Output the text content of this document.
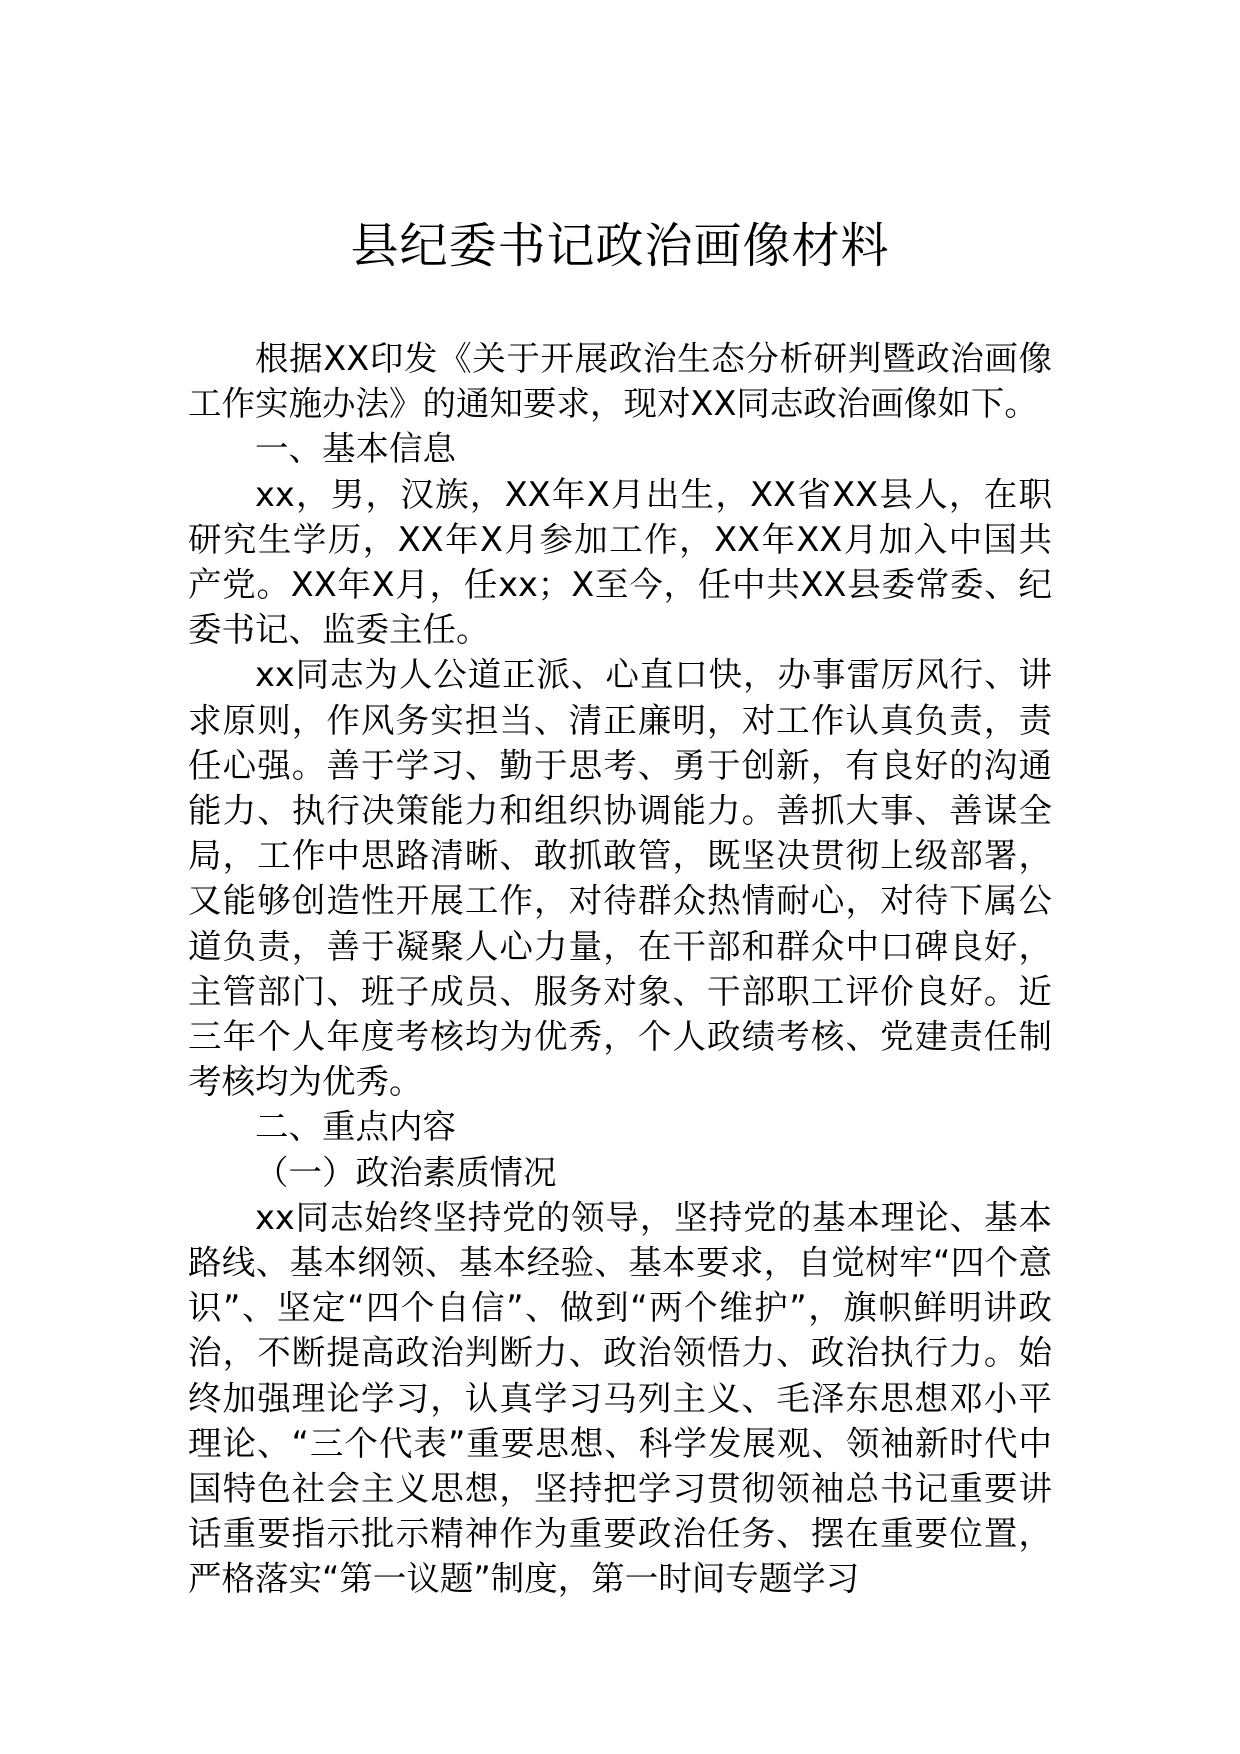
县纪委书记政治画像材料

根据XX印发《关于开展政治生态分析研判暨政治画像工作实施办法》的通知要求，现对XX同志政治画像如下。

一、基本信息

xx，男，汉族，XX年X月出生，XX省XX县人，在职研究生学历，XX年X月参加工作，XX年XX月加入中国共产党。XX年X月，任xx；X至今，任中共XX县委常委、纪委书记、监委主任。

xx同志为人公道正派、心直口快，办事雷厉风行、讲求原则，作风务实担当、清正廉明，对工作认真负责，责任心强。善于学习、勤于思考、勇于创新，有良好的沟通能力、执行决策能力和组织协调能力。善抓大事、善谋全局，工作中思路清晰、敢抓敢管，既坚决贯彻上级部署，又能够创造性开展工作，对待群众热情耐心，对待下属公道负责，善于凝聚人心力量，在干部和群众中口碑良好，主管部门、班子成员、服务对象、干部职工评价良好。近三年个人年度考核均为优秀，个人政绩考核、党建责任制考核均为优秀。

二、重点内容

（一）政治素质情况

xx同志始终坚持党的领导，坚持党的基本理论、基本路线、基本纲领、基本经验、基本要求，自觉树牢“四个意识”、坚定“四个自信”、做到“两个维护”，旗帜鲜明讲政治，不断提高政治判断力、政治领悟力、政治执行力。始终加强理论学习，认真学习马列主义、毛泽东思想邓小平理论、“三个代表”重要思想、科学发展观、领袖新时代中国特色社会主义思想，坚持把学习贯彻领袖总书记重要讲话重要指示批示精神作为重要政治任务、摆在重要位置，严格落实“第一议题”制度，第一时间专题学习
